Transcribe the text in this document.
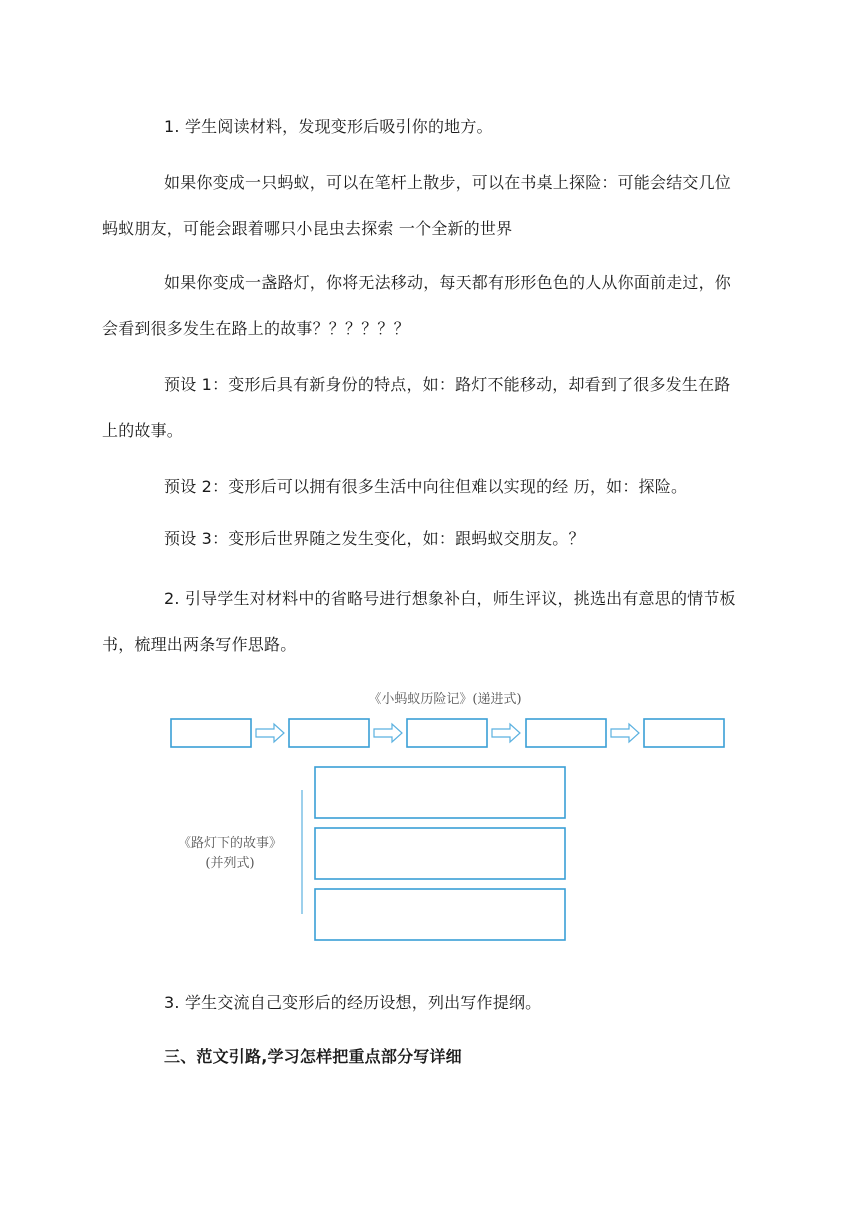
1. 学生阅读材料，发现变形后吸引你的地方。

如果你变成一只蚂蚁，可以在笔杆上散步，可以在书桌上探险：可能会结交几位蚂蚁朋友，可能会跟着哪只小昆虫去探索 一个全新的世界

如果你变成一盏路灯，你将无法移动，每天都有形形色色的人从你面前走过，你会看到很多发生在路上的故事？？？？？？

预设 1：变形后具有新身份的特点，如：路灯不能移动，却看到了很多发生在路上的故事。

预设 2：变形后可以拥有很多生活中向往但难以实现的经 历，如：探险。

预设 3：变形后世界随之发生变化，如：跟蚂蚁交朋友。？

2. 引导学生对材料中的省略号进行想象补白，师生评议，挑选出有意思的情节板书，梳理出两条写作思路。

《小蚂蚁历险记》(递进式)
《路灯下的故事》
(并列式)

3. 学生交流自己变形后的经历设想，列出写作提纲。

三、范文引路,学习怎样把重点部分写详细
